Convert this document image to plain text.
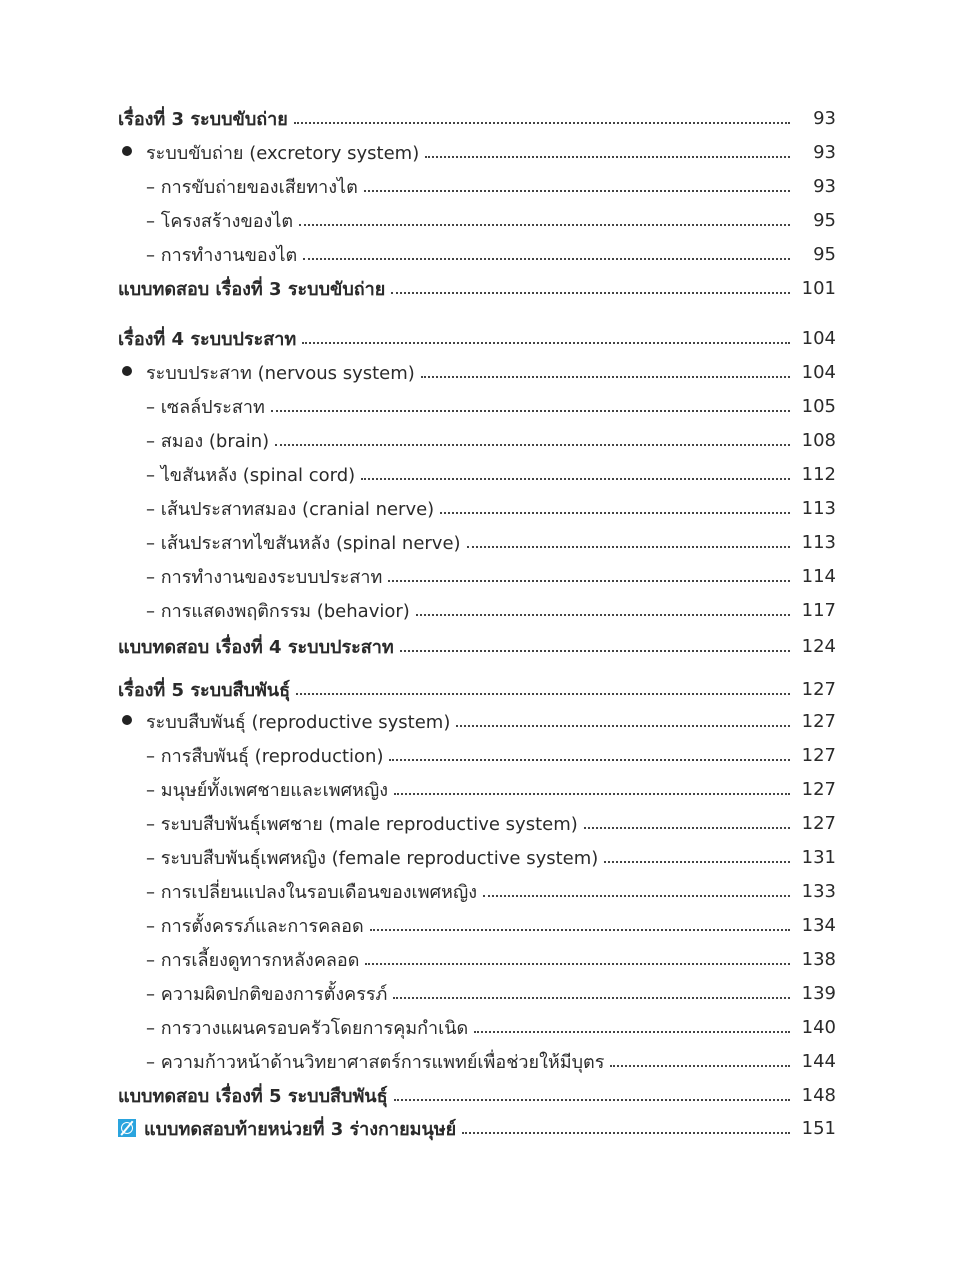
เรื่องที่ 3 ระบบขับถ่าย	93
ระบบขับถ่าย (excretory system)	93
– การขับถ่ายของเสียทางไต	93
– โครงสร้างของไต	95
– การทำงานของไต	95
แบบทดสอบ เรื่องที่ 3 ระบบขับถ่าย	101
เรื่องที่ 4 ระบบประสาท	104
ระบบประสาท (nervous system)	104
– เซลล์ประสาท	105
– สมอง (brain)	108
– ไขสันหลัง (spinal cord)	112
– เส้นประสาทสมอง (cranial nerve)	113
– เส้นประสาทไขสันหลัง (spinal nerve)	113
– การทำงานของระบบประสาท	114
– การแสดงพฤติกรรม (behavior)	117
แบบทดสอบ เรื่องที่ 4 ระบบประสาท	124
เรื่องที่ 5 ระบบสืบพันธุ์	127
ระบบสืบพันธุ์ (reproductive system)	127
– การสืบพันธุ์ (reproduction)	127
– มนุษย์ทั้งเพศชายและเพศหญิง	127
– ระบบสืบพันธุ์เพศชาย (male reproductive system)	127
– ระบบสืบพันธุ์เพศหญิง (female reproductive system)	131
– การเปลี่ยนแปลงในรอบเดือนของเพศหญิง	133
– การตั้งครรภ์และการคลอด	134
– การเลี้ยงดูทารกหลังคลอด	138
– ความผิดปกติของการตั้งครรภ์	139
– การวางแผนครอบครัวโดยการคุมกำเนิด	140
– ความก้าวหน้าด้านวิทยาศาสตร์การแพทย์เพื่อช่วยให้มีบุตร	144
แบบทดสอบ เรื่องที่ 5 ระบบสืบพันธุ์	148
แบบทดสอบท้ายหน่วยที่ 3 ร่างกายมนุษย์	151
